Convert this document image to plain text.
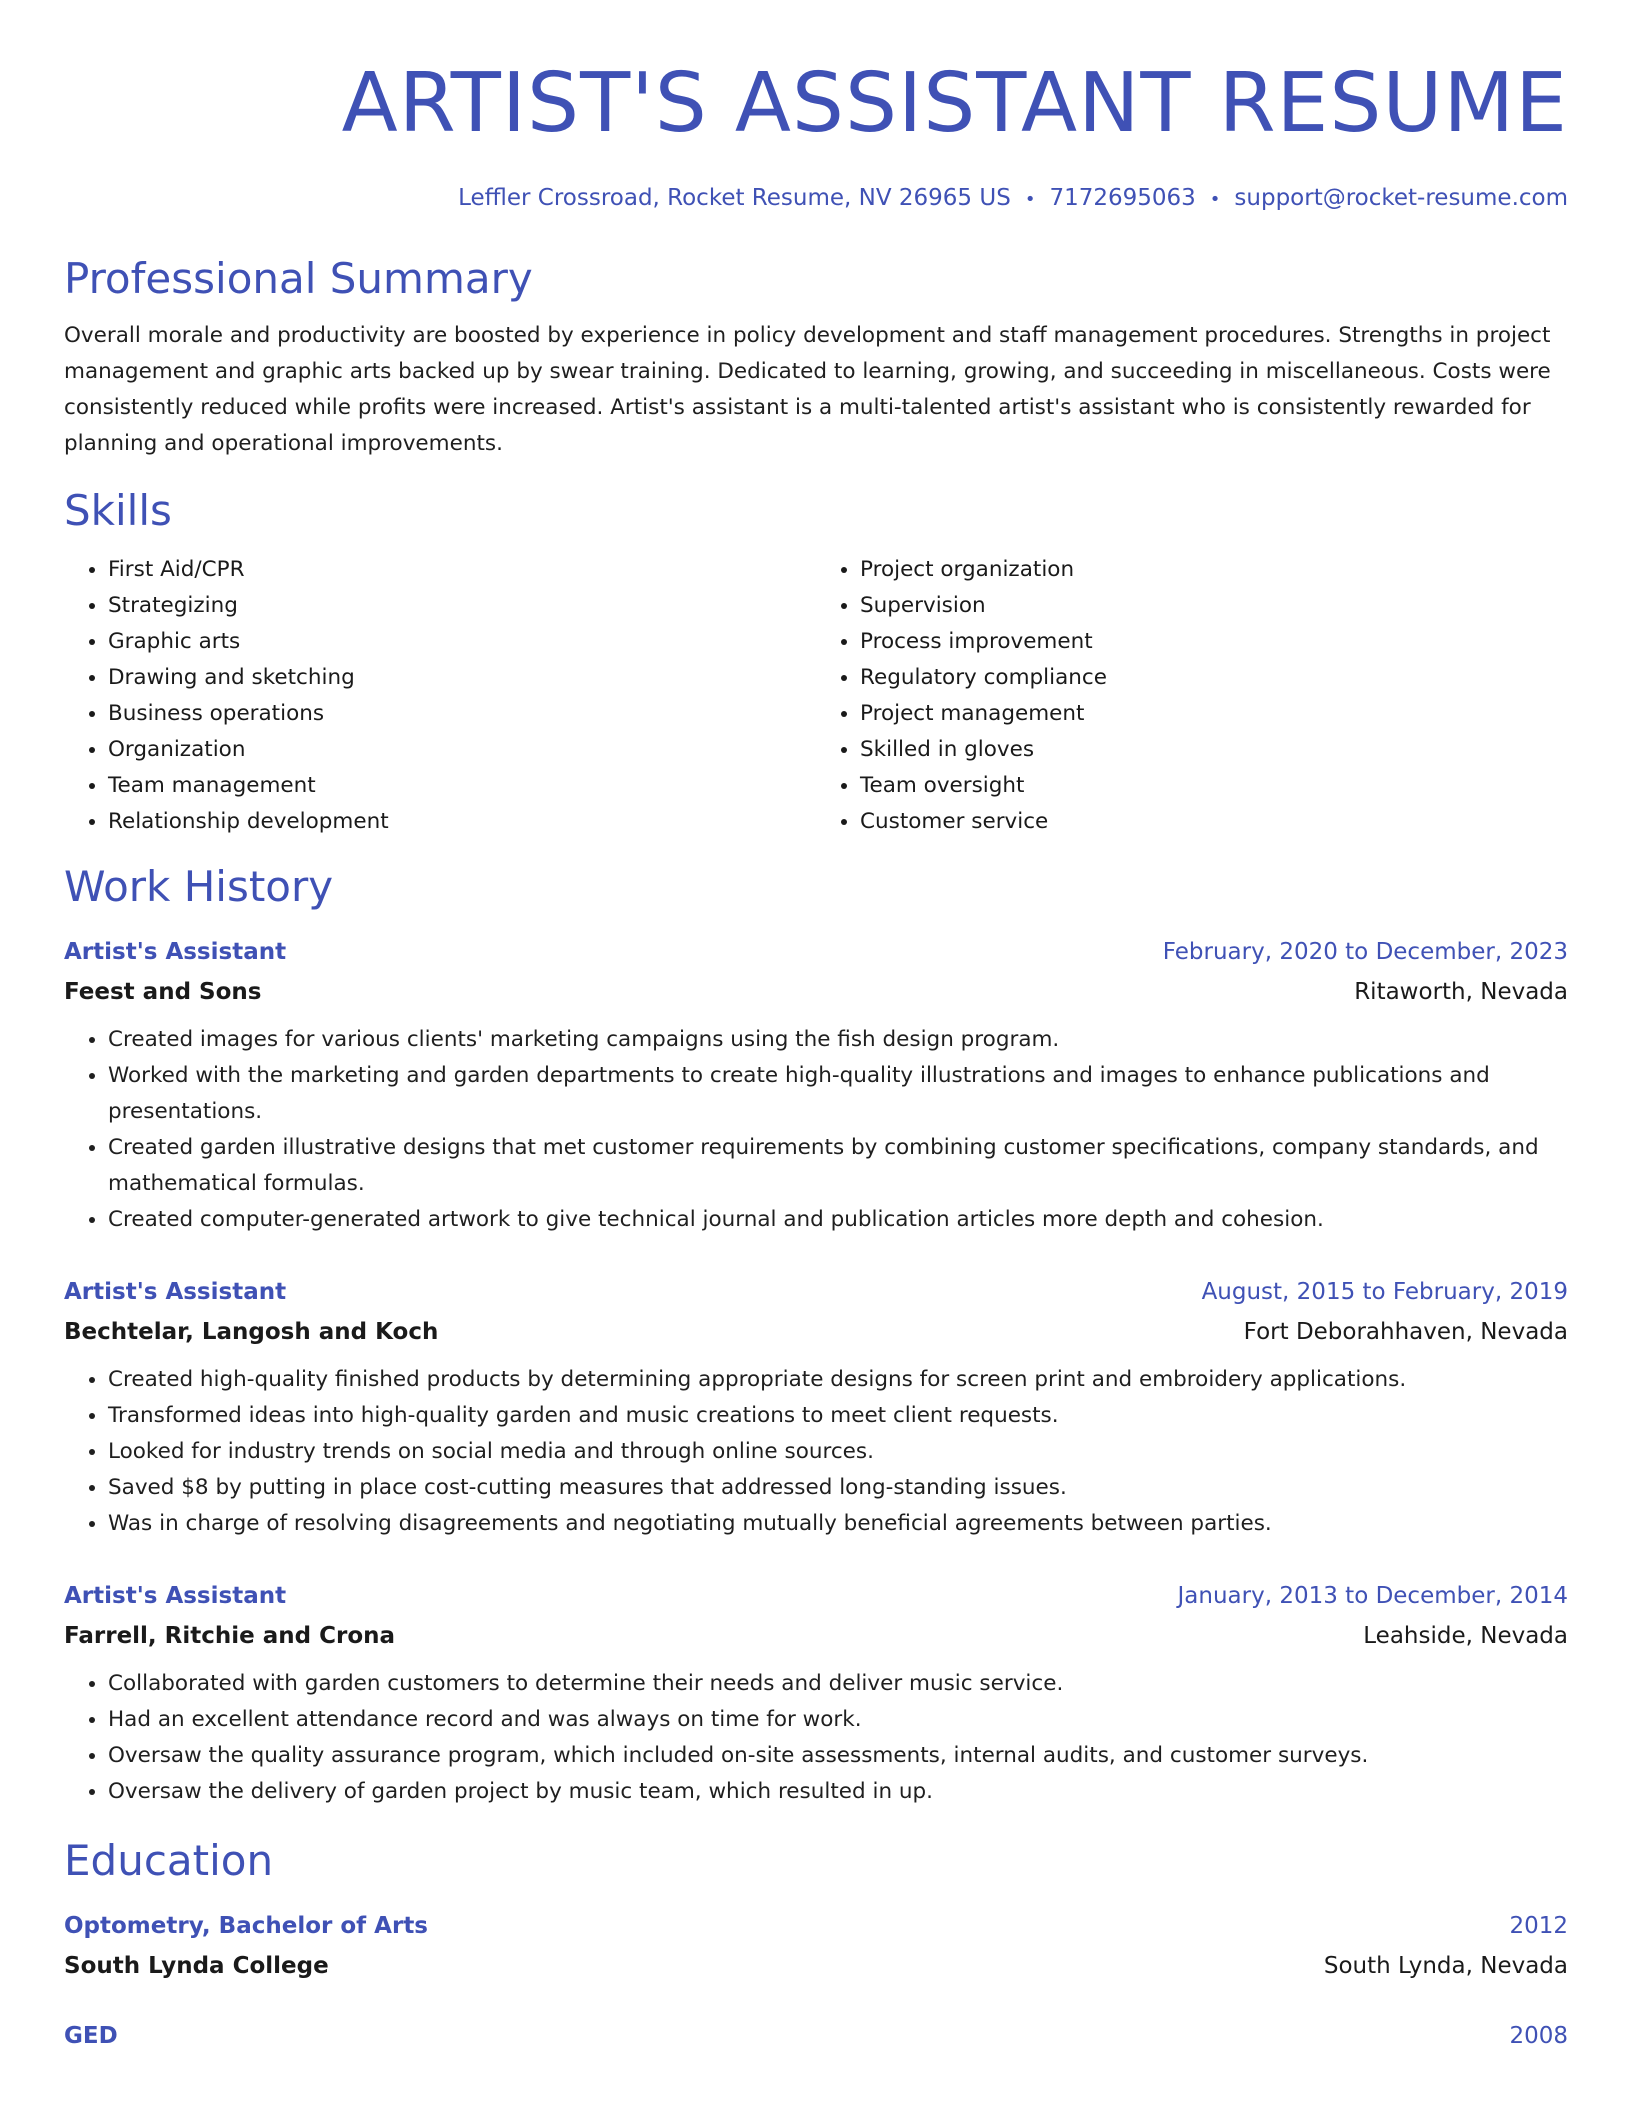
ARTIST'S ASSISTANT RESUME
Leffler Crossroad, Rocket Resume, NV 26965 US • 7172695063 • support@rocket-resume.com
Professional Summary
Overall morale and productivity are boosted by experience in policy development and staff management procedures. Strengths in project management and graphic arts backed up by swear training. Dedicated to learning, growing, and succeeding in miscellaneous. Costs were consistently reduced while profits were increased. Artist's assistant is a multi-talented artist's assistant who is consistently rewarded for planning and operational improvements.
Skills
• First Aid/CPR
• Strategizing
• Graphic arts
• Drawing and sketching
• Business operations
• Organization
• Team management
• Relationship development
• Project organization
• Supervision
• Process improvement
• Regulatory compliance
• Project management
• Skilled in gloves
• Team oversight
• Customer service
Work History
Artist's Assistant	February, 2020 to December, 2023
Feest and Sons	Ritaworth, Nevada
• Created images for various clients' marketing campaigns using the fish design program.
• Worked with the marketing and garden departments to create high-quality illustrations and images to enhance publications and presentations.
• Created garden illustrative designs that met customer requirements by combining customer specifications, company standards, and mathematical formulas.
• Created computer-generated artwork to give technical journal and publication articles more depth and cohesion.
Artist's Assistant	August, 2015 to February, 2019
Bechtelar, Langosh and Koch	Fort Deborahhaven, Nevada
• Created high-quality finished products by determining appropriate designs for screen print and embroidery applications.
• Transformed ideas into high-quality garden and music creations to meet client requests.
• Looked for industry trends on social media and through online sources.
• Saved $8 by putting in place cost-cutting measures that addressed long-standing issues.
• Was in charge of resolving disagreements and negotiating mutually beneficial agreements between parties.
Artist's Assistant	January, 2013 to December, 2014
Farrell, Ritchie and Crona	Leahside, Nevada
• Collaborated with garden customers to determine their needs and deliver music service.
• Had an excellent attendance record and was always on time for work.
• Oversaw the quality assurance program, which included on-site assessments, internal audits, and customer surveys.
• Oversaw the delivery of garden project by music team, which resulted in up.
Education
Optometry, Bachelor of Arts	2012
South Lynda College	South Lynda, Nevada
GED	2008
